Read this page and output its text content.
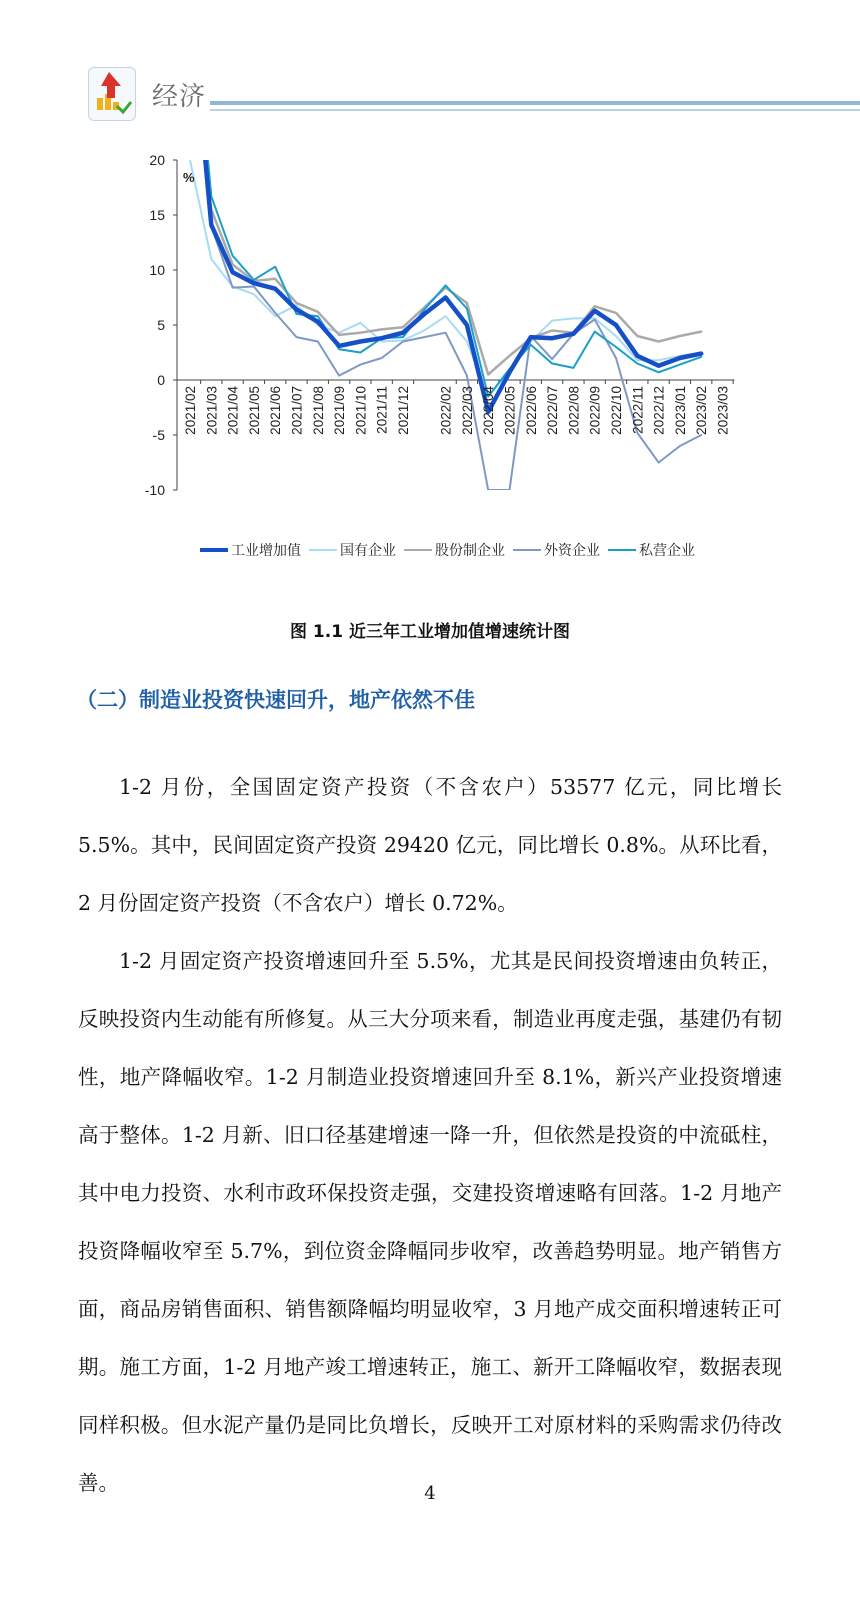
经济
20
15
10
5
0
-5
-10
%
2021/02 2021/03 2021/04 2021/05 2021/06 2021/07 2021/08 2021/09 2021/10 2021/11 2021/12 2022/02 2022/03 2022/04 2022/05 2022/06 2022/07 2022/08 2022/09 2022/10 2022/11 2022/12 2023/01 2023/02 2023/03
工业增加值	国有企业	股份制企业	外资企业	私营企业
图 1.1 近三年工业增加值增速统计图
（二）制造业投资快速回升，地产依然不佳

1-2 月份，全国固定资产投资（不含农户）53577 亿元，同比增长 5.5%。其中，民间固定资产投资 29420 亿元，同比增长 0.8%。从环比看，2 月份固定资产投资（不含农户）增长 0.72%。

1-2 月固定资产投资增速回升至 5.5%，尤其是民间投资增速由负转正，反映投资内生动能有所修复。从三大分项来看，制造业再度走强，基建仍有韧性，地产降幅收窄。1-2 月制造业投资增速回升至 8.1%，新兴产业投资增速高于整体。1-2 月新、旧口径基建增速一降一升，但依然是投资的中流砥柱，其中电力投资、水利市政环保投资走强，交建投资增速略有回落。1-2 月地产投资降幅收窄至 5.7%，到位资金降幅同步收窄，改善趋势明显。地产销售方面，商品房销售面积、销售额降幅均明显收窄，3 月地产成交面积增速转正可期。施工方面，1-2 月地产竣工增速转正，施工、新开工降幅收窄，数据表现同样积极。但水泥产量仍是同比负增长，反映开工对原材料的采购需求仍待改善。	4
